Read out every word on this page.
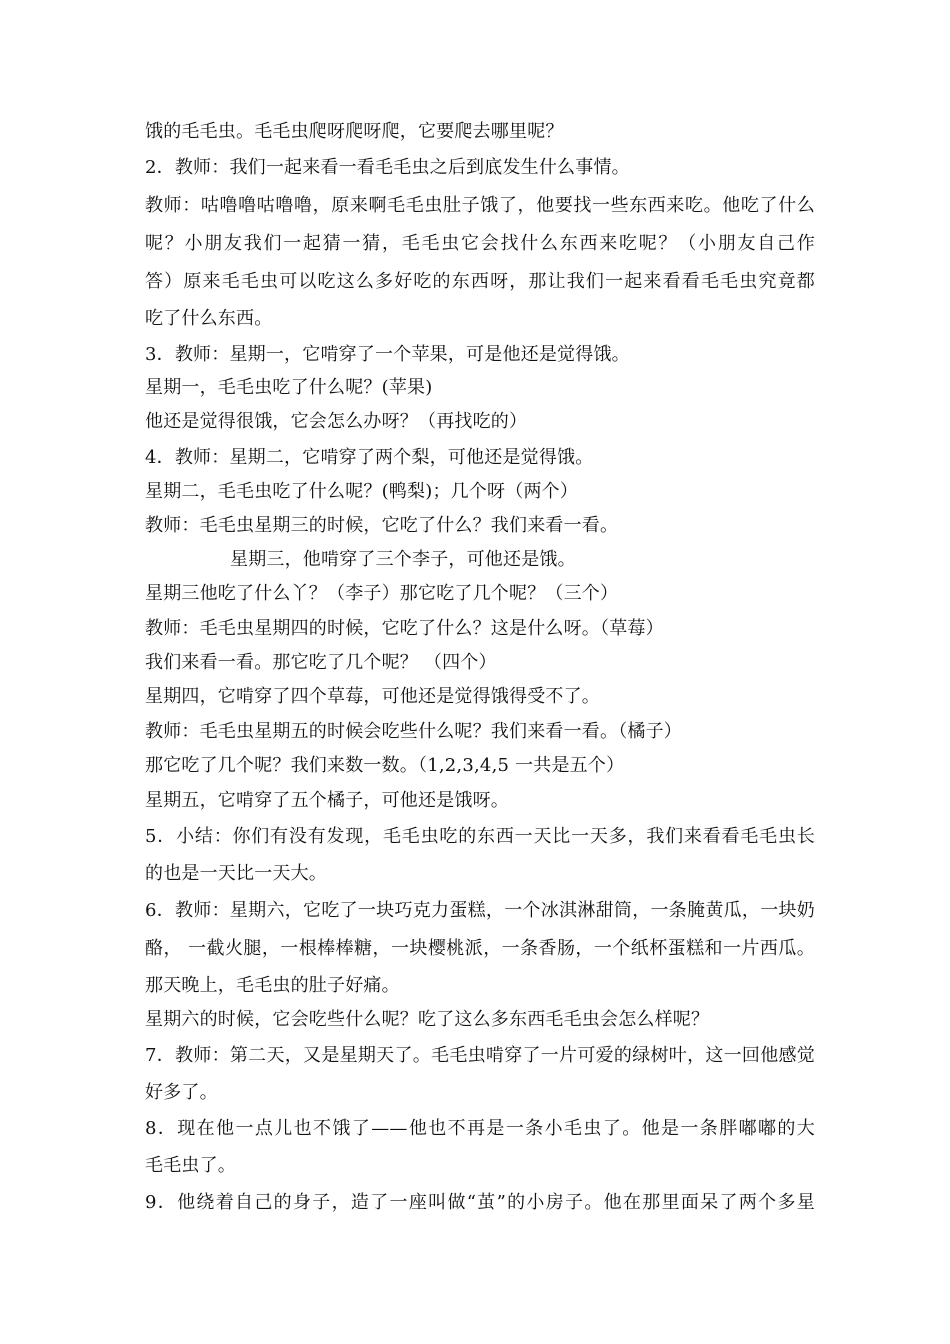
饿的毛毛虫。毛毛虫爬呀爬呀爬，它要爬去哪里呢？
2．教师：我们一起来看一看毛毛虫之后到底发生什么事情。
教师：咕噜噜咕噜噜，原来啊毛毛虫肚子饿了，他要找一些东西来吃。他吃了什么
呢？小朋友我们一起猜一猜，毛毛虫它会找什么东西来吃呢？（小朋友自己作
答）原来毛毛虫可以吃这么多好吃的东西呀，那让我们一起来看看毛毛虫究竟都
吃了什么东西。
3．教师：星期一，它啃穿了一个苹果，可是他还是觉得饿。
星期一，毛毛虫吃了什么呢？(苹果)
他还是觉得很饿，它会怎么办呀？（再找吃的）
4．教师：星期二，它啃穿了两个梨，可他还是觉得饿。
星期二，毛毛虫吃了什么呢？(鸭梨)；几个呀（两个）
教师：毛毛虫星期三的时候，它吃了什么？我们来看一看。
星期三，他啃穿了三个李子，可他还是饿。
星期三他吃了什么丫？（李子）那它吃了几个呢？（三个）
教师：毛毛虫星期四的时候，它吃了什么？这是什么呀。（草莓）
我们来看一看。那它吃了几个呢？ （四个）
星期四，它啃穿了四个草莓，可他还是觉得饿得受不了。
教师：毛毛虫星期五的时候会吃些什么呢？我们来看一看。（橘子）
那它吃了几个呢？我们来数一数。（1,2,3,4,5 一共是五个）
星期五，它啃穿了五个橘子，可他还是饿呀。
5．小结：你们有没有发现，毛毛虫吃的东西一天比一天多，我们来看看毛毛虫长
的也是一天比一天大。
6．教师：星期六，它吃了一块巧克力蛋糕，一个冰淇淋甜筒，一条腌黄瓜，一块奶
酪， 一截火腿，一根棒棒糖，一块樱桃派，一条香肠，一个纸杯蛋糕和一片西瓜。
那天晚上，毛毛虫的肚子好痛。
星期六的时候，它会吃些什么呢？吃了这么多东西毛毛虫会怎么样呢？
7．教师：第二天，又是星期天了。毛毛虫啃穿了一片可爱的绿树叶，这一回他感觉
好多了。
8．现在他一点儿也不饿了——他也不再是一条小毛虫了。他是一条胖嘟嘟的大
毛毛虫了。
9．他绕着自己的身子，造了一座叫做“茧”的小房子。他在那里面呆了两个多星
